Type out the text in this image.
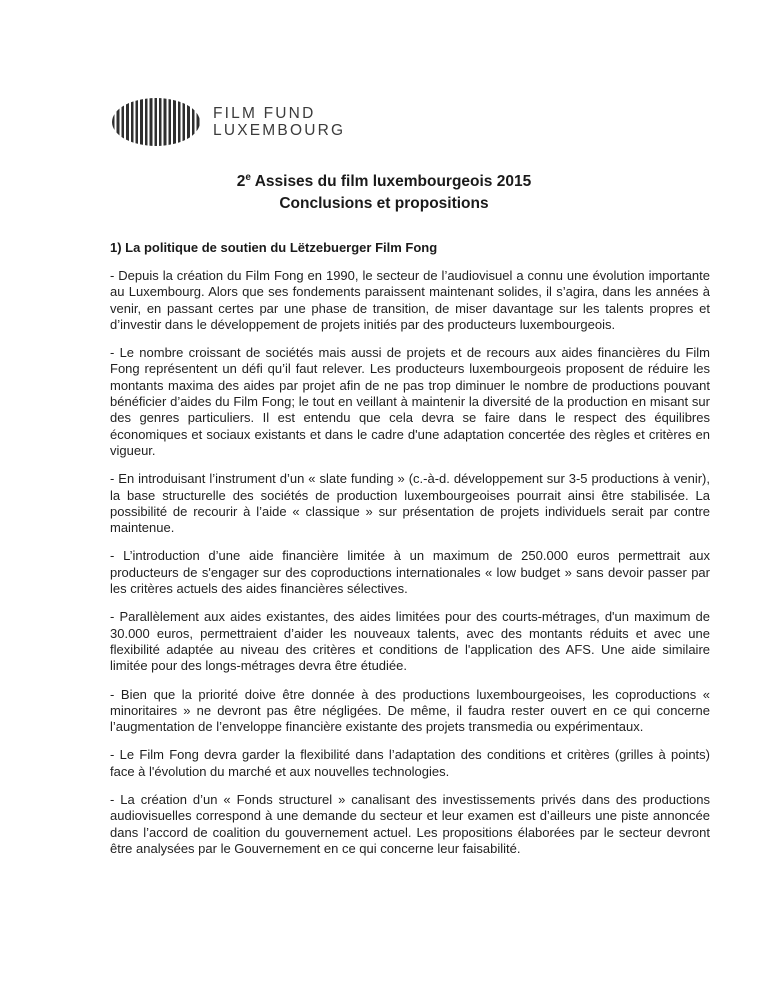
FILM FUND
LUXEMBOURG
2e Assises du film luxembourgeois 2015
Conclusions et propositions
1) La politique de soutien du Lëtzebuerger Film Fong

- Depuis la création du Film Fong en 1990, le secteur de l’audiovisuel a connu une évolution importante au Luxembourg. Alors que ses fondements paraissent maintenant solides, il s’agira, dans les années à venir, en passant certes par une phase de transition, de miser davantage sur les talents propres et d’investir dans le développement de projets initiés par des producteurs luxembourgeois.

- Le nombre croissant de sociétés mais aussi de projets et de recours aux aides financières du Film Fong représentent un défi qu’il faut relever. Les producteurs luxembourgeois proposent de réduire les montants maxima des aides par projet afin de ne pas trop diminuer le nombre de productions pouvant bénéficier d’aides du Film Fong; le tout en veillant à maintenir la diversité de la production en misant sur des genres particuliers. Il est entendu que cela devra se faire dans le respect des équilibres économiques et sociaux existants et dans le cadre d'une adaptation concertée des règles et critères en vigueur.

- En introduisant l’instrument d’un « slate funding » (c.-à-d. développement sur 3-5 productions à venir), la base structurelle des sociétés de production luxembourgeoises pourrait ainsi être stabilisée. La possibilité de recourir à l’aide « classique » sur présentation de projets individuels serait par contre maintenue.

- L’introduction d’une aide financière limitée à un maximum de 250.000 euros permettrait aux producteurs de s'engager sur des coproductions internationales « low budget » sans devoir passer par les critères actuels des aides financières sélectives.

- Parallèlement aux aides existantes, des aides limitées pour des courts-métrages, d'un maximum de 30.000 euros, permettraient d’aider les nouveaux talents, avec des montants réduits et avec une flexibilité adaptée au niveau des critères et conditions de l'application des AFS. Une aide similaire limitée pour des longs-métrages devra être étudiée.

- Bien que la priorité doive être donnée à des productions luxembourgeoises, les coproductions « minoritaires » ne devront pas être négligées. De même, il faudra rester ouvert en ce qui concerne l’augmentation de l’enveloppe financière existante des projets transmedia ou expérimentaux.

- Le Film Fong devra garder la flexibilité dans l’adaptation des conditions et critères (grilles à points) face à l'évolution du marché et aux nouvelles technologies.

- La création d’un « Fonds structurel » canalisant des investissements privés dans des productions audiovisuelles correspond à une demande du secteur et leur examen est d’ailleurs une piste annoncée dans l’accord de coalition du gouvernement actuel. Les propositions élaborées par le secteur devront être analysées par le Gouvernement en ce qui concerne leur faisabilité.
